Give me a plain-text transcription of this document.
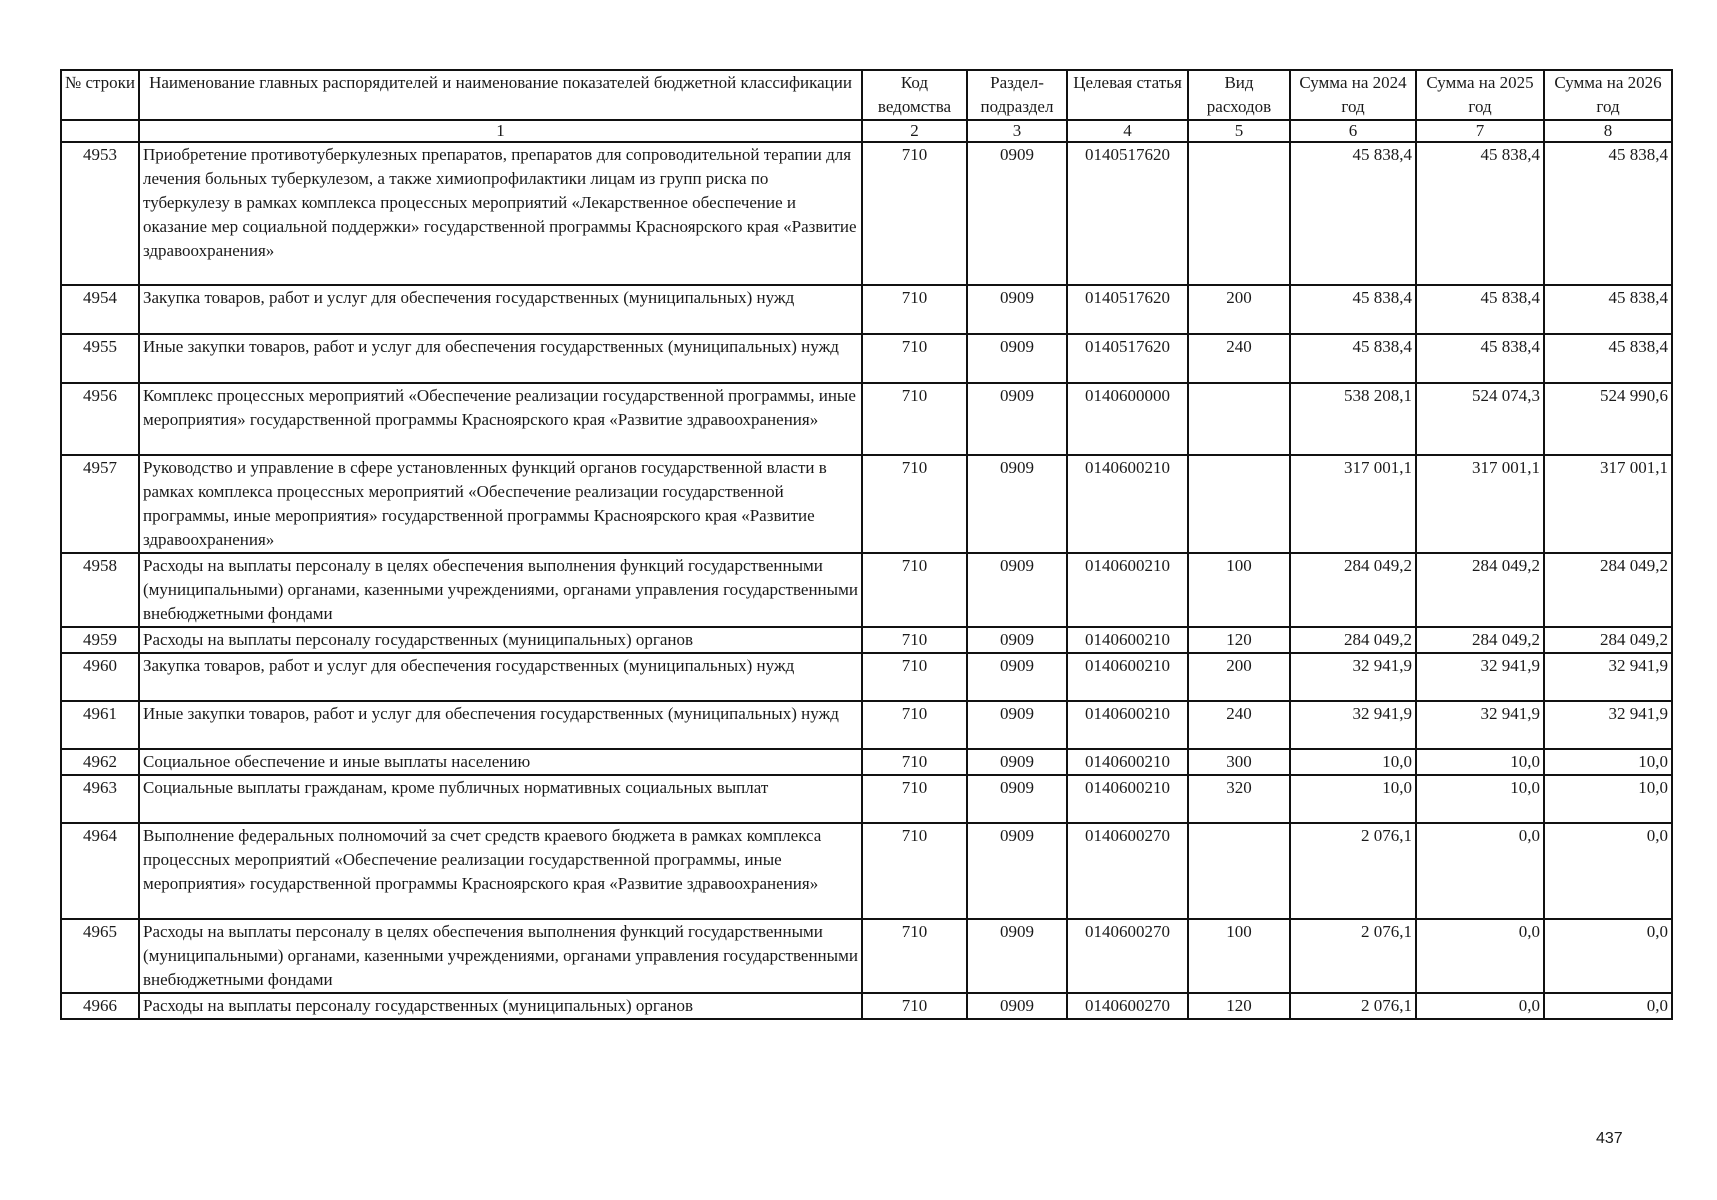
№ строки	Наименование главных распорядителей и наименование показателей бюджетной классификации	Код ведомства	Раздел-подраздел	Целевая статья	Вид расходов	Сумма на 2024 год	Сумма на 2025 год	Сумма на 2026 год
	1	2	3	4	5	6	7	8
4953	Приобретение противотуберкулезных препаратов, препаратов для сопроводительной терапии для лечения больных туберкулезом, а также химиопрофилактики лицам из групп риска по туберкулезу в рамках комплекса процессных мероприятий «Лекарственное обеспечение и оказание мер социальной поддержки» государственной программы Красноярского края «Развитие здравоохранения»	710	0909	0140517620		45 838,4	45 838,4	45 838,4
4954	Закупка товаров, работ и услуг для обеспечения государственных (муниципальных) нужд	710	0909	0140517620	200	45 838,4	45 838,4	45 838,4
4955	Иные закупки товаров, работ и услуг для обеспечения государственных (муниципальных) нужд	710	0909	0140517620	240	45 838,4	45 838,4	45 838,4
4956	Комплекс процессных мероприятий «Обеспечение реализации государственной программы, иные мероприятия» государственной программы Красноярского края «Развитие здравоохранения»	710	0909	0140600000		538 208,1	524 074,3	524 990,6
4957	Руководство и управление в сфере установленных функций органов государственной власти в рамках комплекса процессных мероприятий «Обеспечение реализации государственной программы, иные мероприятия» государственной программы Красноярского края «Развитие здравоохранения»	710	0909	0140600210		317 001,1	317 001,1	317 001,1
4958	Расходы на выплаты персоналу в целях обеспечения выполнения функций государственными (муниципальными) органами, казенными учреждениями, органами управления государственными внебюджетными фондами	710	0909	0140600210	100	284 049,2	284 049,2	284 049,2
4959	Расходы на выплаты персоналу государственных (муниципальных) органов	710	0909	0140600210	120	284 049,2	284 049,2	284 049,2
4960	Закупка товаров, работ и услуг для обеспечения государственных (муниципальных) нужд	710	0909	0140600210	200	32 941,9	32 941,9	32 941,9
4961	Иные закупки товаров, работ и услуг для обеспечения государственных (муниципальных) нужд	710	0909	0140600210	240	32 941,9	32 941,9	32 941,9
4962	Социальное обеспечение и иные выплаты населению	710	0909	0140600210	300	10,0	10,0	10,0
4963	Социальные выплаты гражданам, кроме публичных нормативных социальных выплат	710	0909	0140600210	320	10,0	10,0	10,0
4964	Выполнение федеральных полномочий за счет средств краевого бюджета в рамках комплекса процессных мероприятий «Обеспечение реализации государственной программы, иные мероприятия» государственной программы Красноярского края «Развитие здравоохранения»	710	0909	0140600270		2 076,1	0,0	0,0
4965	Расходы на выплаты персоналу в целях обеспечения выполнения функций государственными (муниципальными) органами, казенными учреждениями, органами управления государственными внебюджетными фондами	710	0909	0140600270	100	2 076,1	0,0	0,0
4966	Расходы на выплаты персоналу государственных (муниципальных) органов	710	0909	0140600270	120	2 076,1	0,0	0,0
437
